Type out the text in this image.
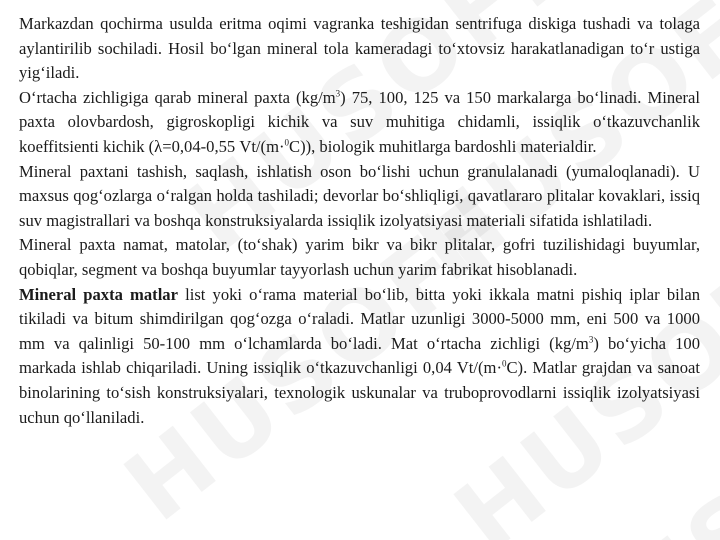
Markazdan qochirma usulda eritma oqimi vagranka teshigidan sentrifuga diskiga tushadi va tolaga aylantirilib sochiladi. Hosil bo‘lgan mineral tola kameradagi to‘xtovsiz harakatlanadigan to‘r ustiga yig‘iladi.

O‘rtacha zichligiga qarab mineral paxta $(kg/m^3)$ 75, 100, 125 va 150 markalarga bo‘linadi. Mineral paxta olovbardosh, gigroskopligi kichik va suv muhitiga chidamli, issiqlik o‘tkazuvchanlik koeffitsienti kichik (λ=0,04-0,55 Vt/(m·$^0$C)), biologik muhitlarga bardoshli materialdir.

Mineral paxtani tashish, saqlash, ishlatish oson bo‘lishi uchun granulalanadi (yumaloqlanadi). U maxsus qog‘ozlarga o‘ralgan holda tashiladi; devorlar bo‘shliqligi, qavatlararo plitalar kovaklari, issiq suv magistrallari va boshqa konstruksiyalarda issiqlik izolyatsiyasi materiali sifatida ishlatiladi.

Mineral paxta namat, matolar, (to‘shak) yarim bikr va bikr plitalar, gofri tuzilishidagi buyumlar, qobiqlar, segment va boshqa buyumlar tayyorlash uchun yarim fabrikat hisoblanadi.

Mineral paxta matlar list yoki o‘rama material bo‘lib, bitta yoki ikkala matni pishiq iplar bilan tikiladi va bitum shimdirilgan qog‘ozga o‘raladi. Matlar uzunligi 3000-5000 mm, eni 500 va 1000 mm va qalinligi 50-100 mm o‘lchamlarda bo‘ladi. Mat o‘rtacha zichligi $(kg/m^3)$ bo‘yicha 100 markada ishlab chiqariladi. Uning issiqlik o‘tkazuvchanligi 0,04 Vt/(m·$^0$C). Matlar grajdan va sanoat binolarining to‘sish konstruksiyalari, texnologik uskunalar va truboprovodlarni issiqlik izolyatsiyasi uchun qo‘llaniladi.
